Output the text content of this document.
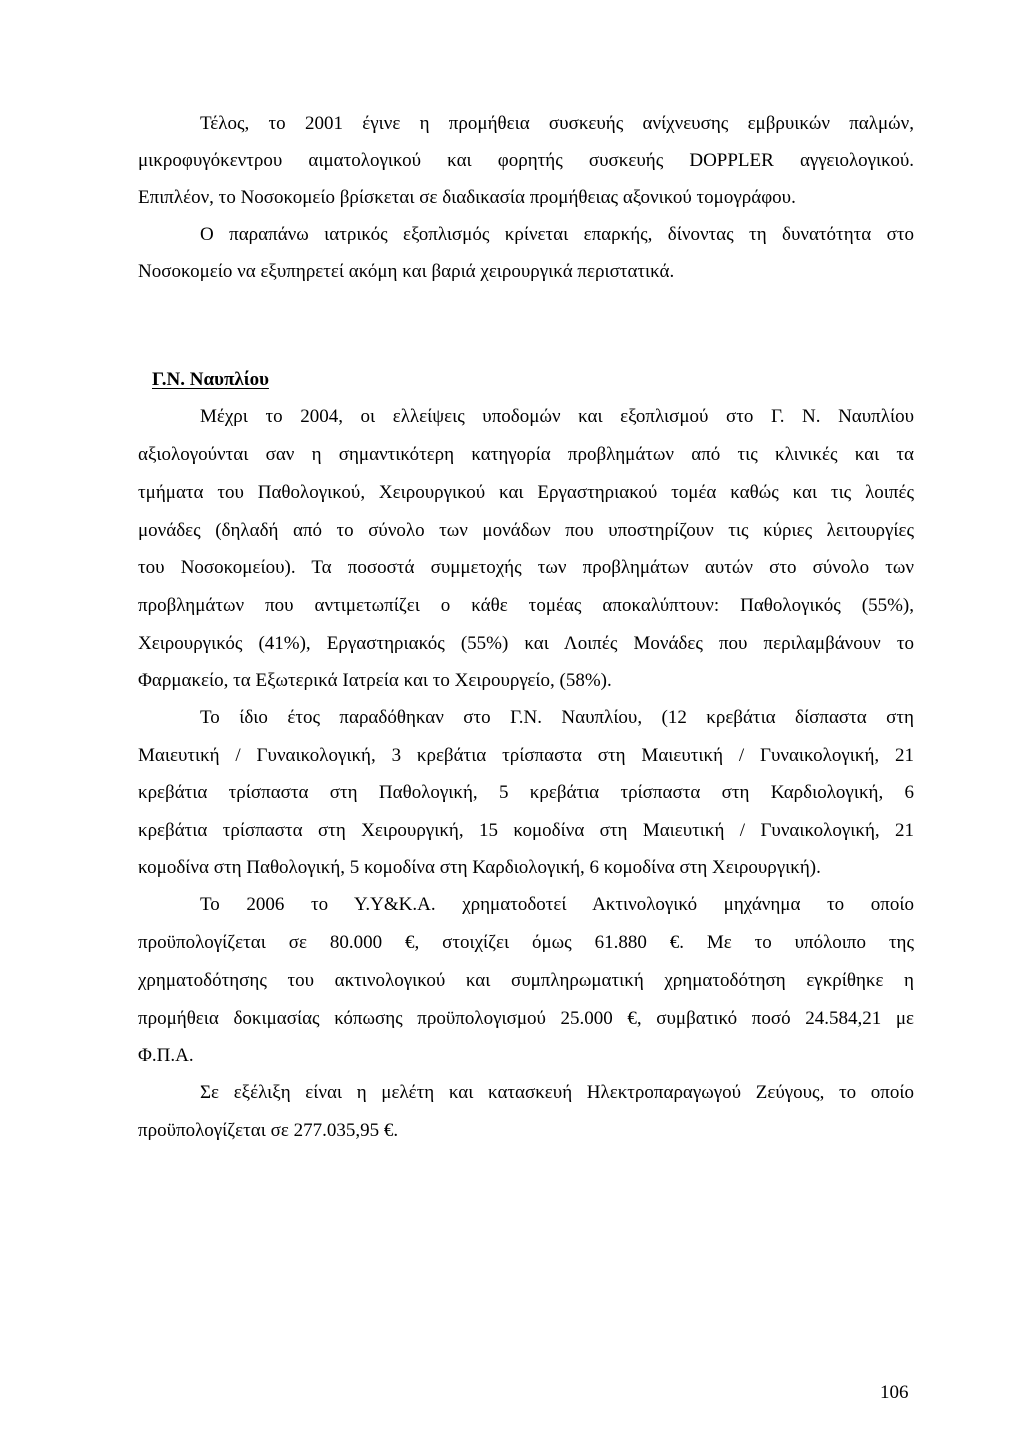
Τέλος, το 2001 έγινε η προμήθεια συσκευής ανίχνευσης εμβρυικών παλμών,
μικροφυγόκεντρου αιματολογικού και φορητής συσκευής DOPPLER αγγειολογικού.
Επιπλέον, το Νοσοκομείο βρίσκεται σε διαδικασία προμήθειας αξονικού τομογράφου.
Ο παραπάνω ιατρικός εξοπλισμός κρίνεται επαρκής, δίνοντας τη δυνατότητα στο
Νοσοκομείο να εξυπηρετεί ακόμη και βαριά χειρουργικά περιστατικά.
Γ.Ν. Ναυπλίου
Μέχρι το 2004, οι ελλείψεις υποδομών και εξοπλισμού στο Γ. Ν. Ναυπλίου
αξιολογούνται σαν η σημαντικότερη κατηγορία προβλημάτων από τις κλινικές και τα
τμήματα του Παθολογικού, Χειρουργικού και Εργαστηριακού τομέα καθώς και τις λοιπές
μονάδες (δηλαδή από το σύνολο των μονάδων που υποστηρίζουν τις κύριες λειτουργίες
του Νοσοκομείου). Τα ποσοστά συμμετοχής των προβλημάτων αυτών στο σύνολο των
προβλημάτων που αντιμετωπίζει ο κάθε τομέας αποκαλύπτουν: Παθολογικός (55%),
Χειρουργικός (41%), Εργαστηριακός (55%) και Λοιπές Μονάδες που περιλαμβάνουν το
Φαρμακείο, τα Εξωτερικά Ιατρεία και το Χειρουργείο, (58%).
Το ίδιο έτος παραδόθηκαν στο Γ.Ν. Ναυπλίου, (12 κρεβάτια δίσπαστα στη
Μαιευτική / Γυναικολογική, 3 κρεβάτια τρίσπαστα στη Μαιευτική / Γυναικολογική, 21
κρεβάτια τρίσπαστα στη Παθολογική, 5 κρεβάτια τρίσπαστα στη Καρδιολογική, 6
κρεβάτια τρίσπαστα στη Χειρουργική, 15 κομοδίνα στη Μαιευτική / Γυναικολογική, 21
κομοδίνα στη Παθολογική, 5 κομοδίνα στη Καρδιολογική, 6 κομοδίνα στη Χειρουργική).
Το 2006 το Υ.Υ&Κ.Α. χρηματοδοτεί Ακτινολογικό μηχάνημα το οποίο
προϋπολογίζεται σε 80.000 €, στοιχίζει όμως 61.880 €. Με το υπόλοιπο της
χρηματοδότησης του ακτινολογικού και συμπληρωματική χρηματοδότηση εγκρίθηκε η
προμήθεια δοκιμασίας κόπωσης προϋπολογισμού 25.000 €, συμβατικό ποσό 24.584,21 με
Φ.Π.Α.
Σε εξέλιξη είναι η μελέτη και κατασκευή Ηλεκτροπαραγωγού Ζεύγους, το οποίο
προϋπολογίζεται σε 277.035,95 €.
106
